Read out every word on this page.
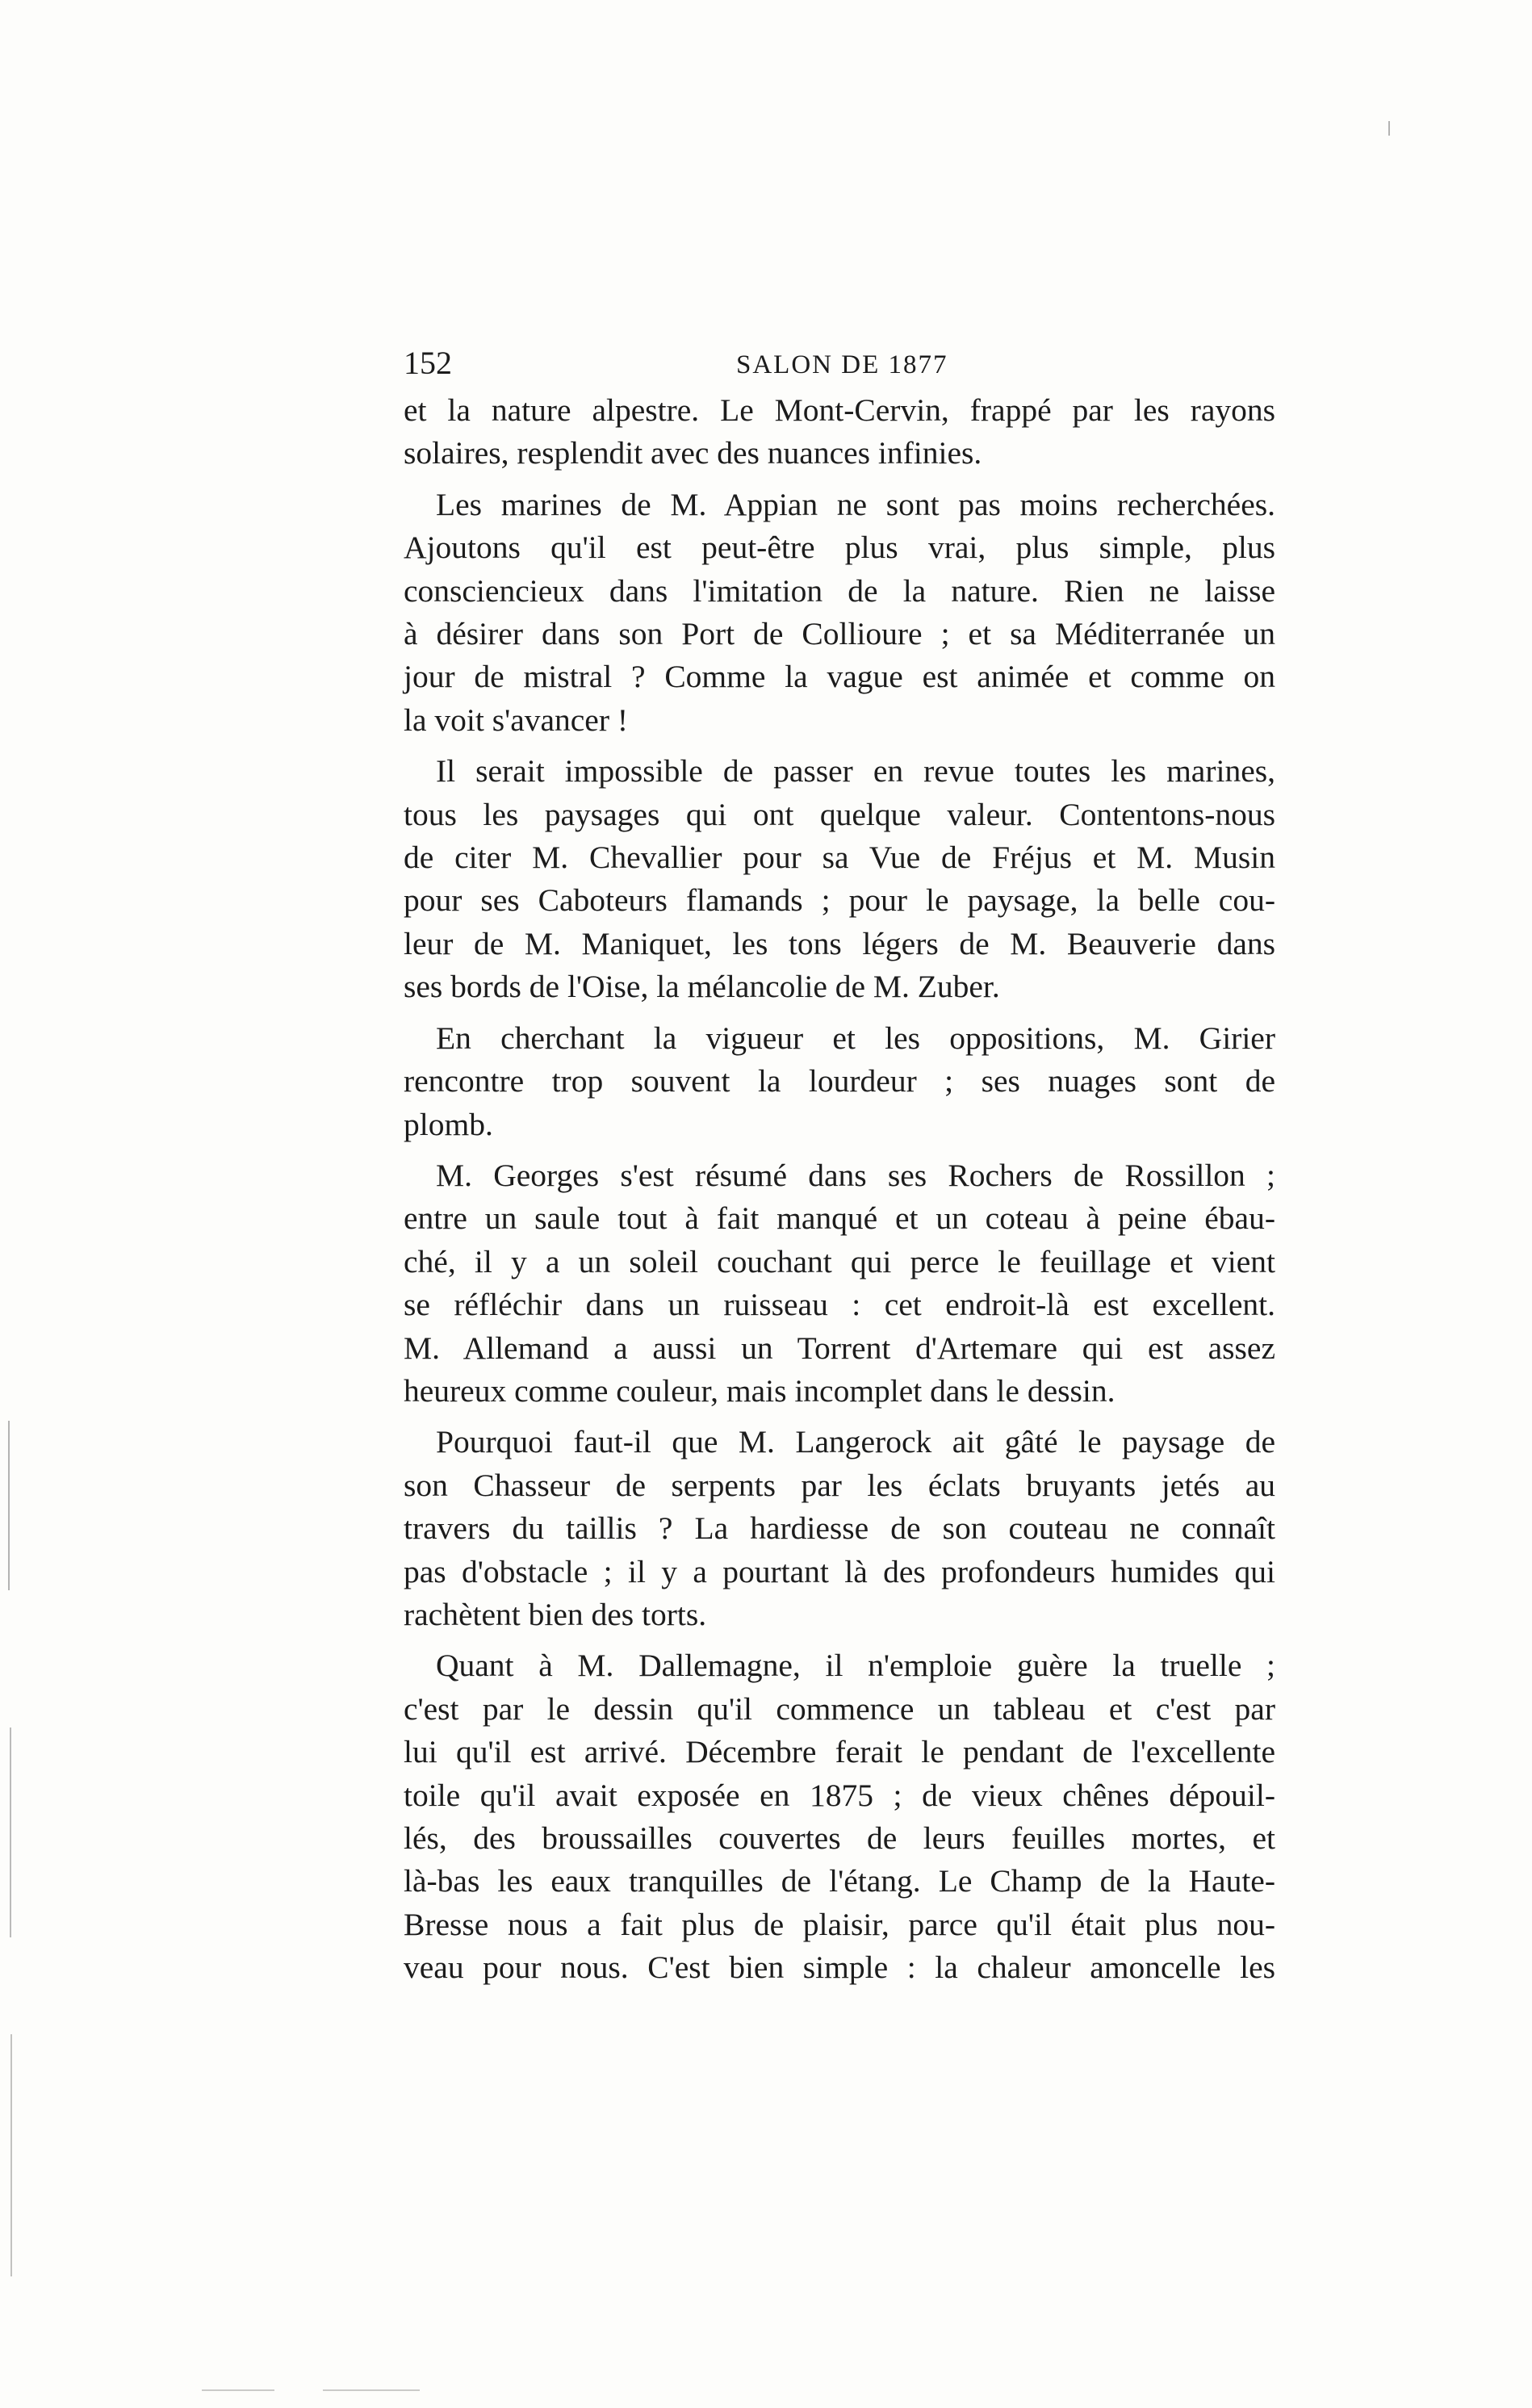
152	SALON DE 1877
et la nature alpestre. Le Mont-Cervin, frappé par les rayons
solaires, resplendit avec des nuances infinies.
Les marines de M. Appian ne sont pas moins recherchées.
Ajoutons qu'il est peut-être plus vrai, plus simple, plus
consciencieux dans l'imitation de la nature. Rien ne laisse
à désirer dans son Port de Collioure ; et sa Méditerranée un
jour de mistral ? Comme la vague est animée et comme on
la voit s'avancer !
Il serait impossible de passer en revue toutes les marines,
tous les paysages qui ont quelque valeur. Contentons-nous
de citer M. Chevallier pour sa Vue de Fréjus et M. Musin
pour ses Caboteurs flamands ; pour le paysage, la belle cou-
leur de M. Maniquet, les tons légers de M. Beauverie dans
ses bords de l'Oise, la mélancolie de M. Zuber.
En cherchant la vigueur et les oppositions, M. Girier
rencontre trop souvent la lourdeur ; ses nuages sont de
plomb.
M. Georges s'est résumé dans ses Rochers de Rossillon ;
entre un saule tout à fait manqué et un coteau à peine ébau-
ché, il y a un soleil couchant qui perce le feuillage et vient
se réfléchir dans un ruisseau : cet endroit-là est excellent.
M. Allemand a aussi un Torrent d'Artemare qui est assez
heureux comme couleur, mais incomplet dans le dessin.
Pourquoi faut-il que M. Langerock ait gâté le paysage de
son Chasseur de serpents par les éclats bruyants jetés au
travers du taillis ? La hardiesse de son couteau ne connaît
pas d'obstacle ; il y a pourtant là des profondeurs humides qui
rachètent bien des torts.
Quant à M. Dallemagne, il n'emploie guère la truelle ;
c'est par le dessin qu'il commence un tableau et c'est par
lui qu'il est arrivé. Décembre ferait le pendant de l'excellente
toile qu'il avait exposée en 1875 ; de vieux chênes dépouil-
lés, des broussailles couvertes de leurs feuilles mortes, et
là-bas les eaux tranquilles de l'étang. Le Champ de la Haute-
Bresse nous a fait plus de plaisir, parce qu'il était plus nou-
veau pour nous. C'est bien simple : la chaleur amoncelle les
